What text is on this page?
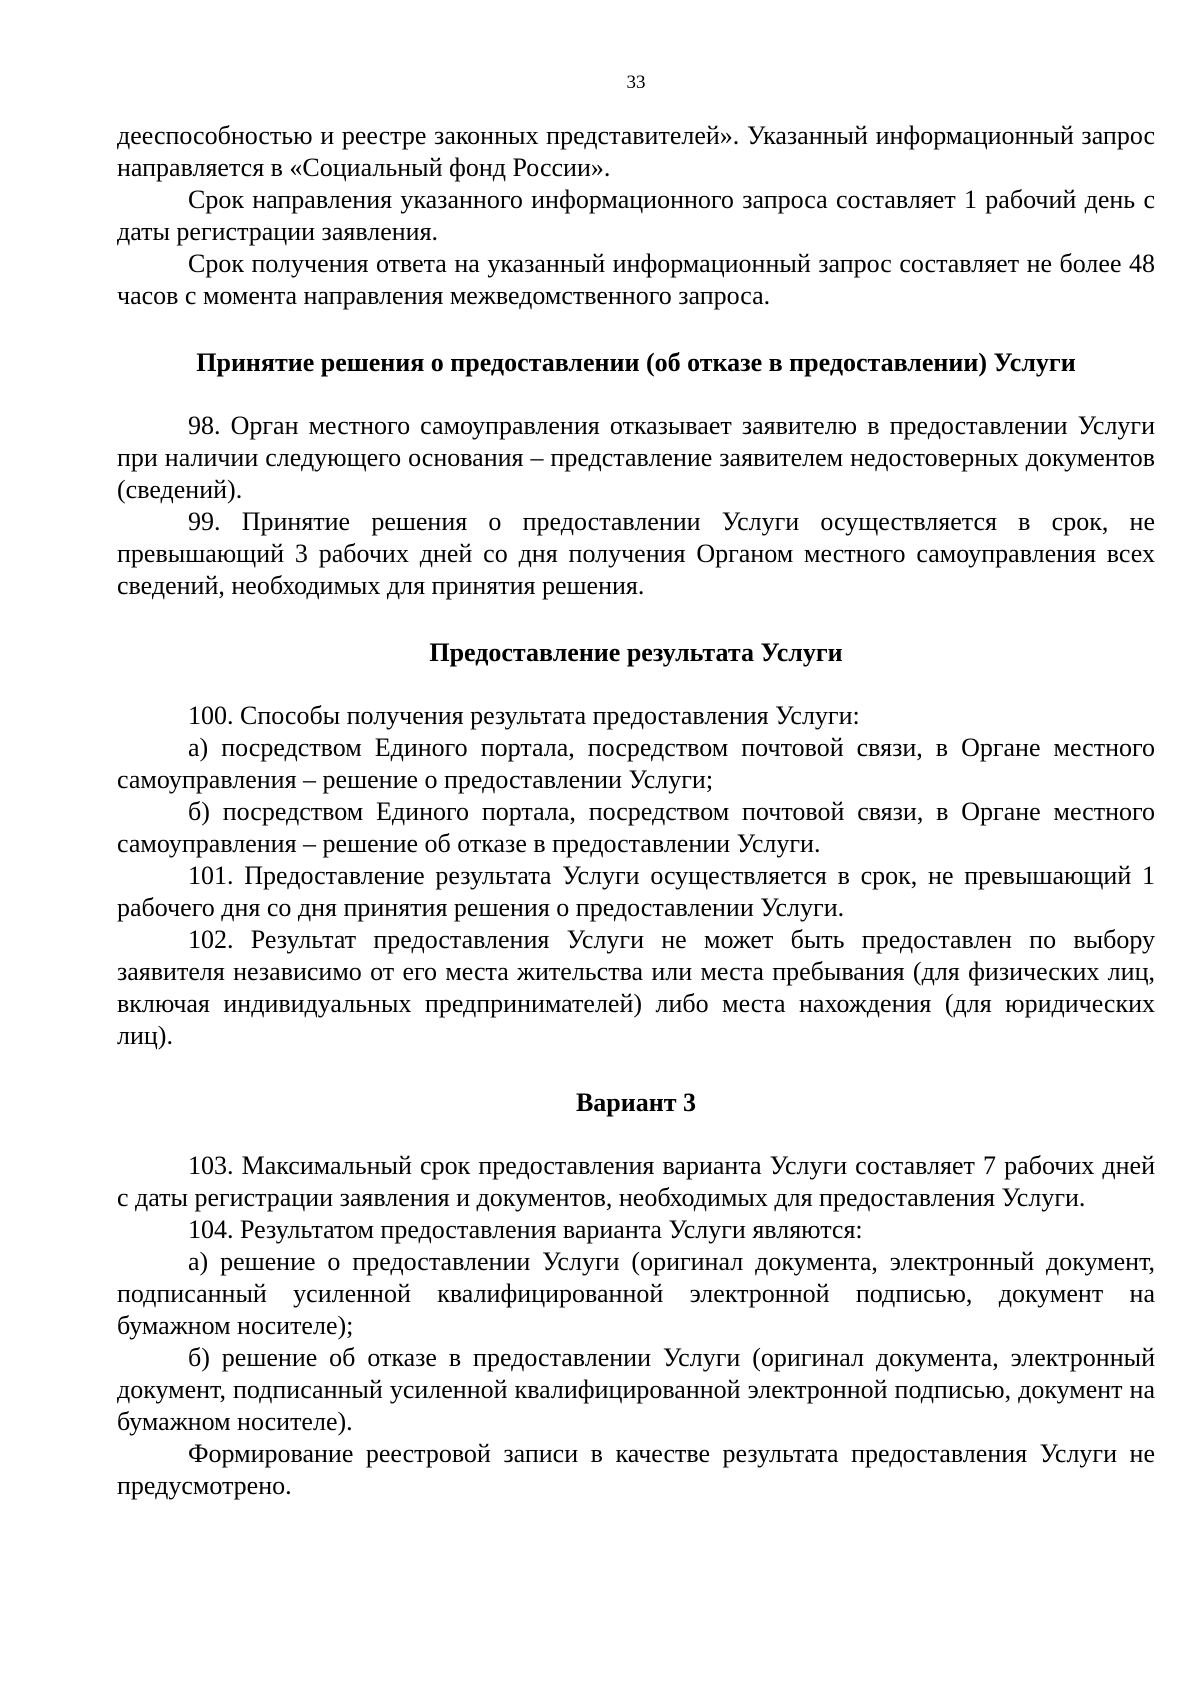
33

дееспособностью и реестре законных представителей». Указанный информационный запрос направляется в «Социальный фонд России».

Срок направления указанного информационного запроса составляет 1 рабочий день с даты регистрации заявления.

Срок получения ответа на указанный информационный запрос составляет не более 48 часов с момента направления межведомственного запроса.

Принятие решения о предоставлении (об отказе в предоставлении) Услуги

98. Орган местного самоуправления отказывает заявителю в предоставлении Услуги при наличии следующего основания – представление заявителем недостоверных документов (сведений).

99. Принятие решения о предоставлении Услуги осуществляется в срок, не превышающий 3 рабочих дней со дня получения Органом местного самоуправления всех сведений, необходимых для принятия решения.

Предоставление результата Услуги

100. Способы получения результата предоставления Услуги:

а) посредством Единого портала, посредством почтовой связи, в Органе местного самоуправления – решение о предоставлении Услуги;

б) посредством Единого портала, посредством почтовой связи, в Органе местного самоуправления – решение об отказе в предоставлении Услуги.

101. Предоставление результата Услуги осуществляется в срок, не превышающий 1 рабочего дня со дня принятия решения о предоставлении Услуги.

102. Результат предоставления Услуги не может быть предоставлен по выбору заявителя независимо от его места жительства или места пребывания (для физических лиц, включая индивидуальных предпринимателей) либо места нахождения (для юридических лиц).

Вариант 3

103. Максимальный срок предоставления варианта Услуги составляет 7 рабочих дней с даты регистрации заявления и документов, необходимых для предоставления Услуги.

104. Результатом предоставления варианта Услуги являются:

а) решение о предоставлении Услуги (оригинал документа, электронный документ, подписанный усиленной квалифицированной электронной подписью, документ на бумажном носителе);

б) решение об отказе в предоставлении Услуги (оригинал документа, электронный документ, подписанный усиленной квалифицированной электронной подписью, документ на бумажном носителе).

Формирование реестровой записи в качестве результата предоставления Услуги не предусмотрено.
